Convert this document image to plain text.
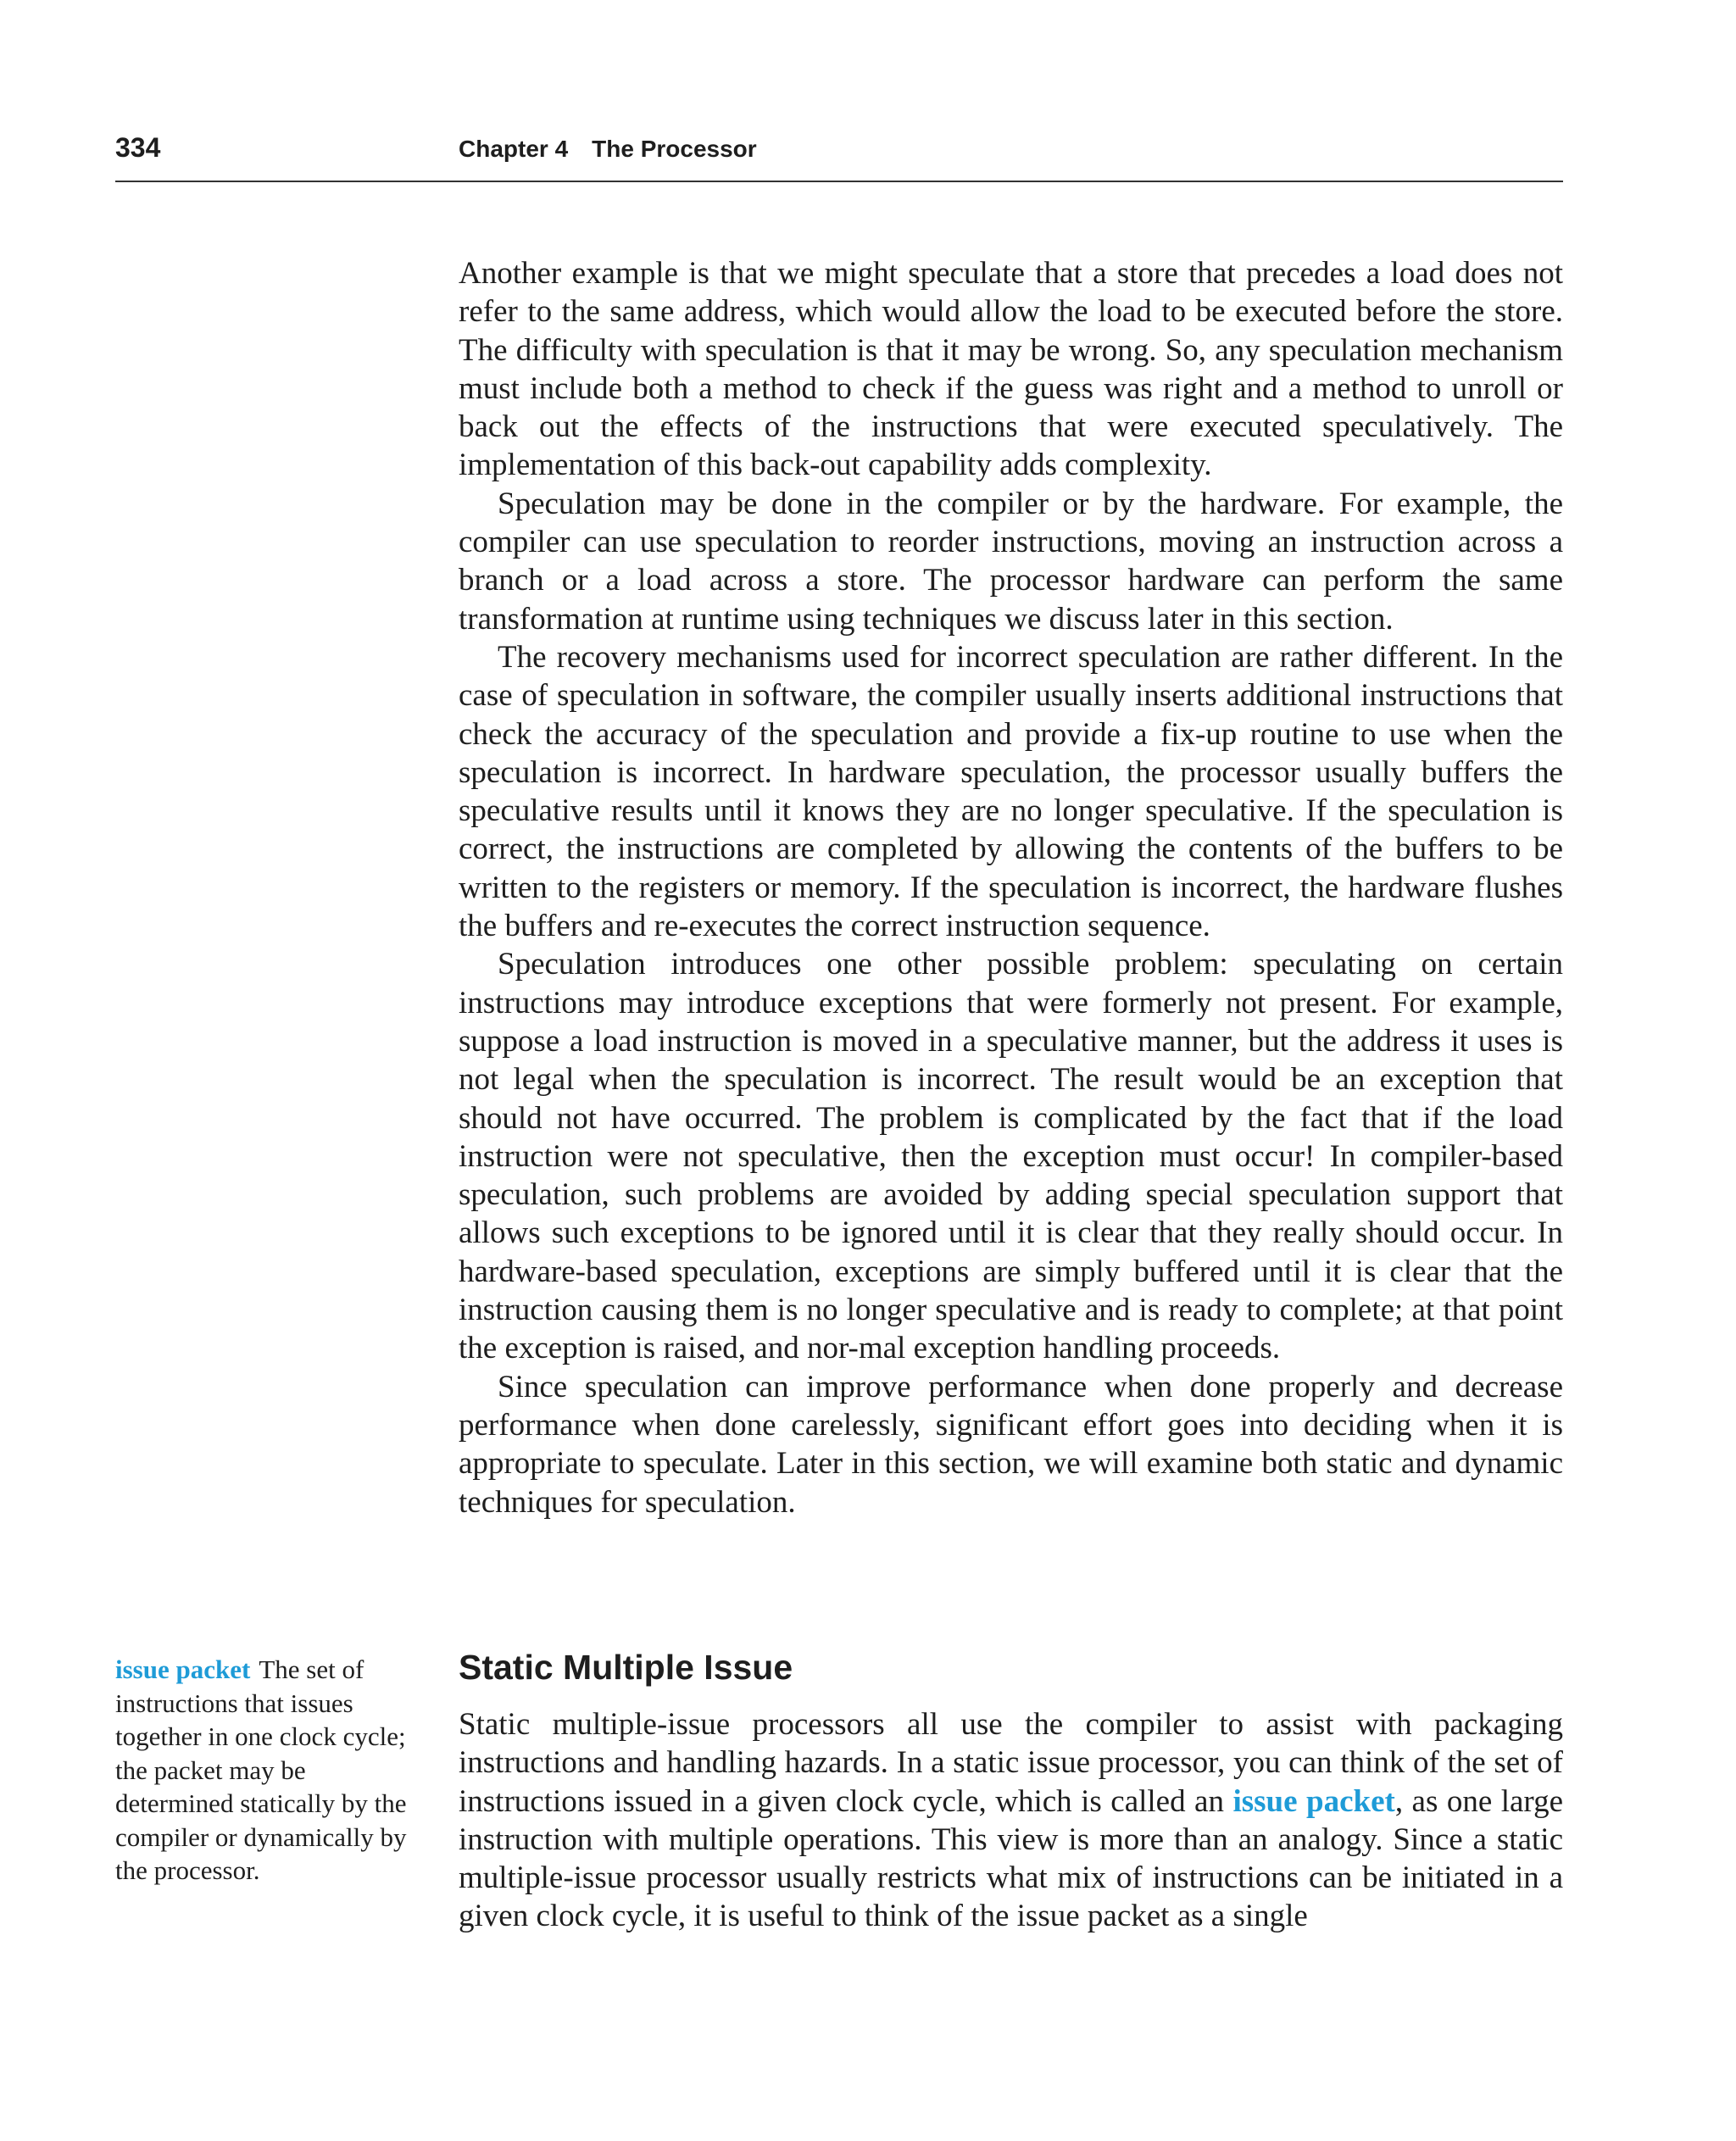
334	Chapter 4 The Processor

Another example is that we might speculate that a store that precedes a load does not refer to the same address, which would allow the load to be executed before the store. The difficulty with speculation is that it may be wrong. So, any speculation mechanism must include both a method to check if the guess was right and a method to unroll or back out the effects of the instructions that were executed speculatively. The implementation of this back-out capability adds complexity.

Speculation may be done in the compiler or by the hardware. For example, the compiler can use speculation to reorder instructions, moving an instruction across a branch or a load across a store. The processor hardware can perform the same transformation at runtime using techniques we discuss later in this section.

The recovery mechanisms used for incorrect speculation are rather different. In the case of speculation in software, the compiler usually inserts additional instructions that check the accuracy of the speculation and provide a fix-up routine to use when the speculation is incorrect. In hardware speculation, the processor usually buffers the speculative results until it knows they are no longer speculative. If the speculation is correct, the instructions are completed by allowing the contents of the buffers to be written to the registers or memory. If the speculation is incorrect, the hardware flushes the buffers and re-executes the correct instruction sequence.

Speculation introduces one other possible problem: speculating on certain instructions may introduce exceptions that were formerly not present. For example, suppose a load instruction is moved in a speculative manner, but the address it uses is not legal when the speculation is incorrect. The result would be an exception that should not have occurred. The problem is complicated by the fact that if the load instruction were not speculative, then the exception must occur! In compiler-based speculation, such problems are avoided by adding special speculation support that allows such exceptions to be ignored until it is clear that they really should occur. In hardware-based speculation, exceptions are simply buffered until it is clear that the instruction causing them is no longer speculative and is ready to complete; at that point the exception is raised, and nor-mal exception handling proceeds.

Since speculation can improve performance when done properly and decrease performance when done carelessly, significant effort goes into deciding when it is appropriate to speculate. Later in this section, we will examine both static and dynamic techniques for speculation.

Static Multiple Issue

Static multiple-issue processors all use the compiler to assist with packaging instructions and handling hazards. In a static issue processor, you can think of the set of instructions issued in a given clock cycle, which is called an issue packet, as one large instruction with multiple operations. This view is more than an analogy. Since a static multiple-issue processor usually restricts what mix of instructions can be initiated in a given clock cycle, it is useful to think of the issue packet as a single

issue packet The set of instructions that issues together in one clock cycle; the packet may be determined statically by the compiler or dynamically by the processor.
